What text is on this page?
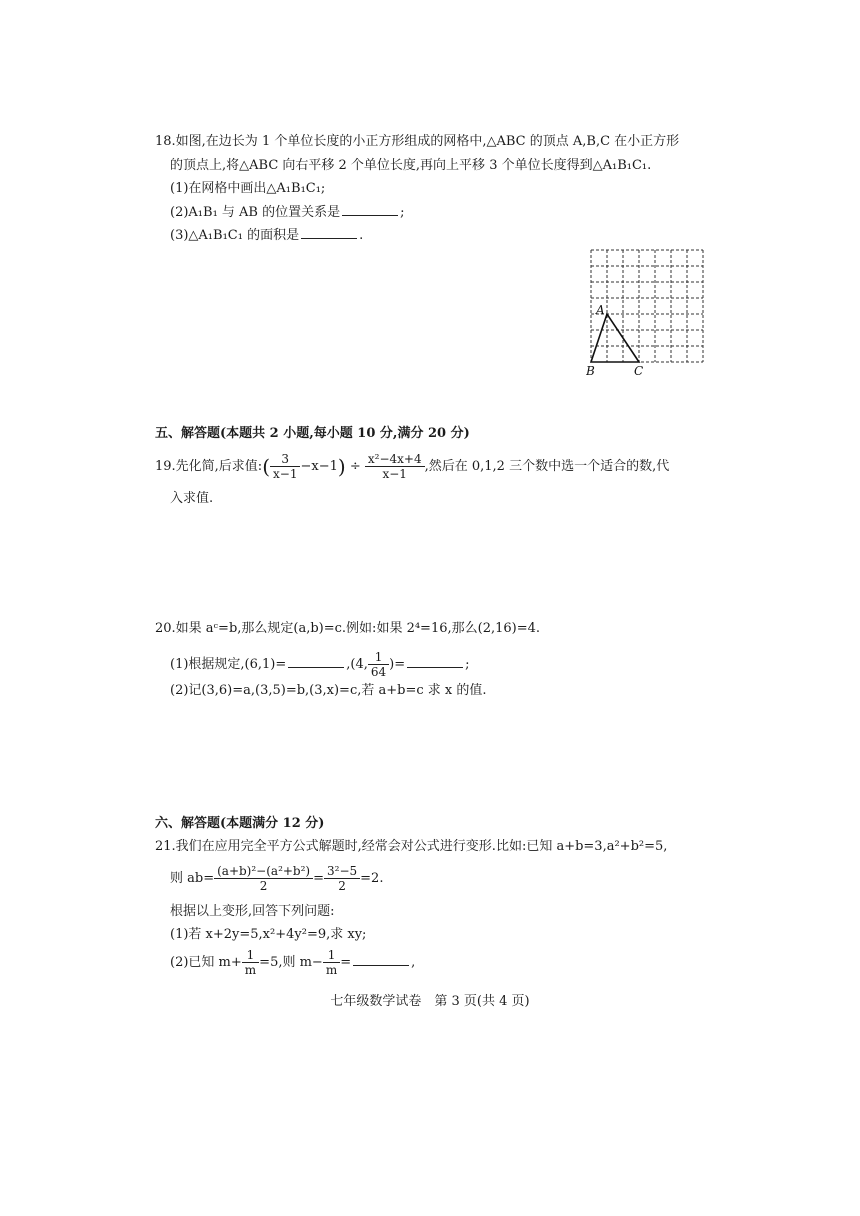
18.如图,在边长为 1 个单位长度的小正方形组成的网格中,△ABC 的顶点 A,B,C 在小正方形
的顶点上,将△ABC 向右平移 2 个单位长度,再向上平移 3 个单位长度得到△A₁B₁C₁.
(1)在网格中画出△A₁B₁C₁;
(2)A₁B₁ 与 AB 的位置关系是	;
(3)△A₁B₁C₁ 的面积是	.
A
B	C
五、解答题(本题共 2 小题,每小题 10 分,满分 20 分)
19.先化简,后求值:( $\frac{3}{x-1} -x-1) \div \frac{\text{x²−4x+4}}{x-1}$ ,然后在 0,1,2 三个数中选一个适合的数,代
入求值.
20.如果 aᶜ=b,那么规定(a,b)=c.例如:如果 2⁴=16,那么(2,16)=4.
(1)根据规定,(6,1)=	,(4, $\frac{1}{64}$ )=	;
(2)记(3,6)=a,(3,5)=b,(3,x)=c,若 a+b=c 求 x 的值.
六、解答题(本题满分 12 分)
21.我们在应用完全平方公式解题时,经常会对公式进行变形.比如:已知 a+b=3,a²+b²=5,
则 $ab= \frac{\text{(a+b)²−(a²+b²)}}{2} = \frac{\text{3²−5}}{2} =2$.
根据以上变形,回答下列问题:
(1)若 x+2y=5,x²+4y²=9,求 xy;
(2)已知 $m+ \frac{1}{m} =5$,则 $m- \frac{1}{m}$ =	,
七年级数学试卷　第 3 页(共 4 页)
